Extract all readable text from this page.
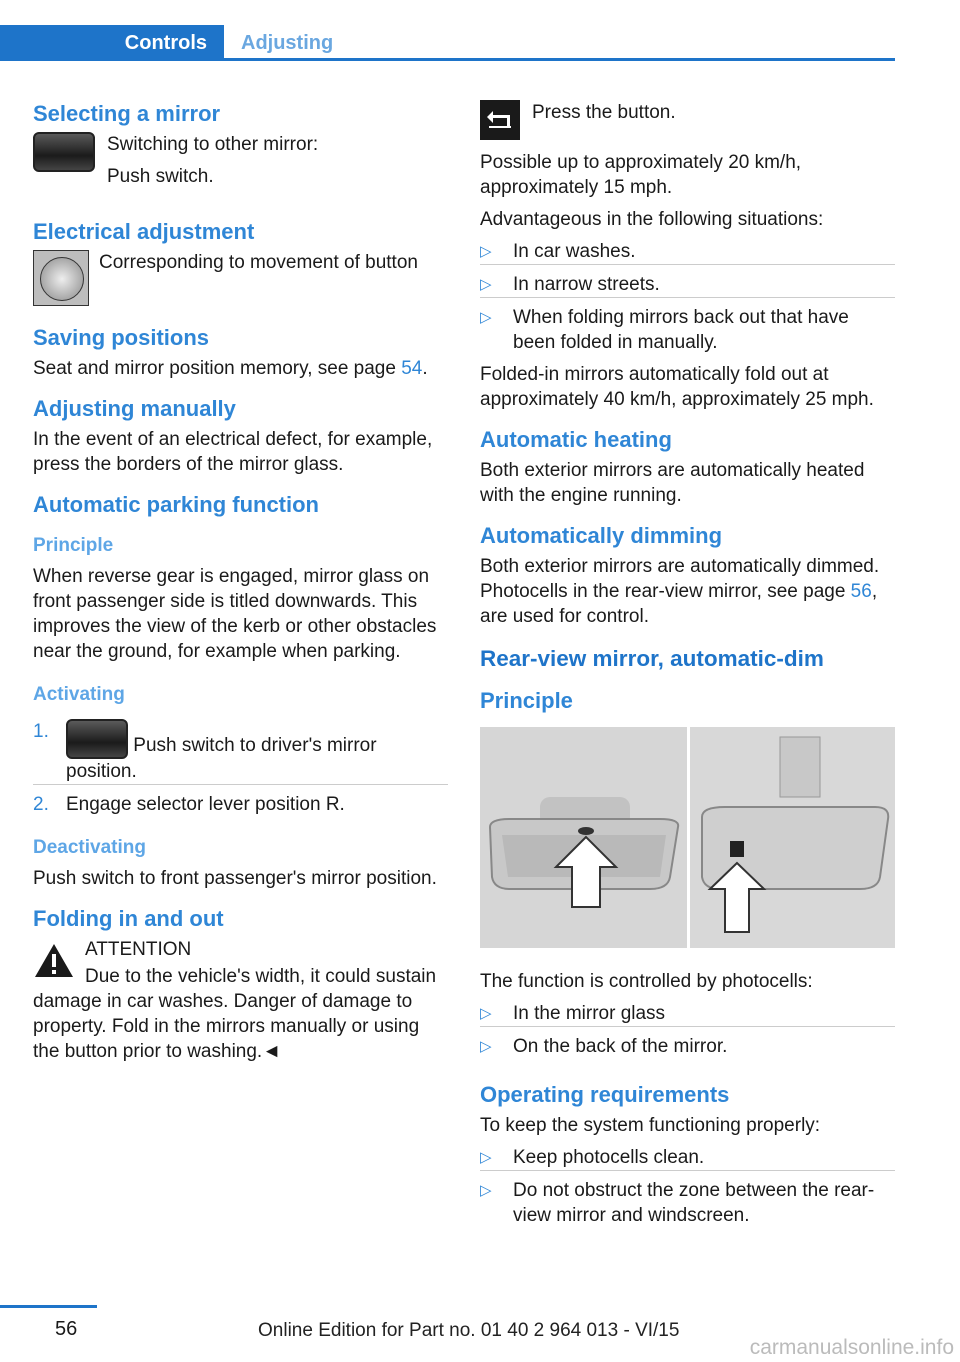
Controls	Adjusting
Selecting a mirror

Switching to other mirror:

Push switch.

Electrical adjustment

Corresponding to movement of button

Saving positions

Seat and mirror position memory, see page 54.

Adjusting manually

In the event of an electrical defect, for example, press the borders of the mirror glass.

Automatic parking function
Principle

When reverse gear is engaged, mirror glass on front passenger side is titled downwards. This improves the view of the kerb or other obstacles near the ground, for example when parking.

Activating
1.
Push switch to driver's mirror position.
2. Engage selector lever position R.
Deactivating

Push switch to front passenger's mirror position.

Folding in and out

ATTENTION

Due to the vehicle's width, it could sustain damage in car washes. Danger of damage to property. Fold in the mirrors manually or using the button prior to washing.◄

Press the button.

Possible up to approximately 20 km/h, approximately 15 mph.

Advantageous in the following situations:

▷ In car washes.
▷ In narrow streets.
▷ When folding mirrors back out that have been folded in manually.

Folded-in mirrors automatically fold out at approximately 40 km/h, approximately 25 mph.

Automatic heating

Both exterior mirrors are automatically heated with the engine running.

Automatically dimming

Both exterior mirrors are automatically dimmed. Photocells in the rear-view mirror, see page 56, are used for control.

Rear-view mirror, automatic-dim
Principle

The function is controlled by photocells:

▷ In the mirror glass
▷ On the back of the mirror.
Operating requirements

To keep the system functioning properly:

▷ Keep photocells clean.
▷ Do not obstruct the zone between the rear-view mirror and windscreen.
56	Online Edition for Part no. 01 40 2 964 013 - VI/15
carmanualsonline.info
